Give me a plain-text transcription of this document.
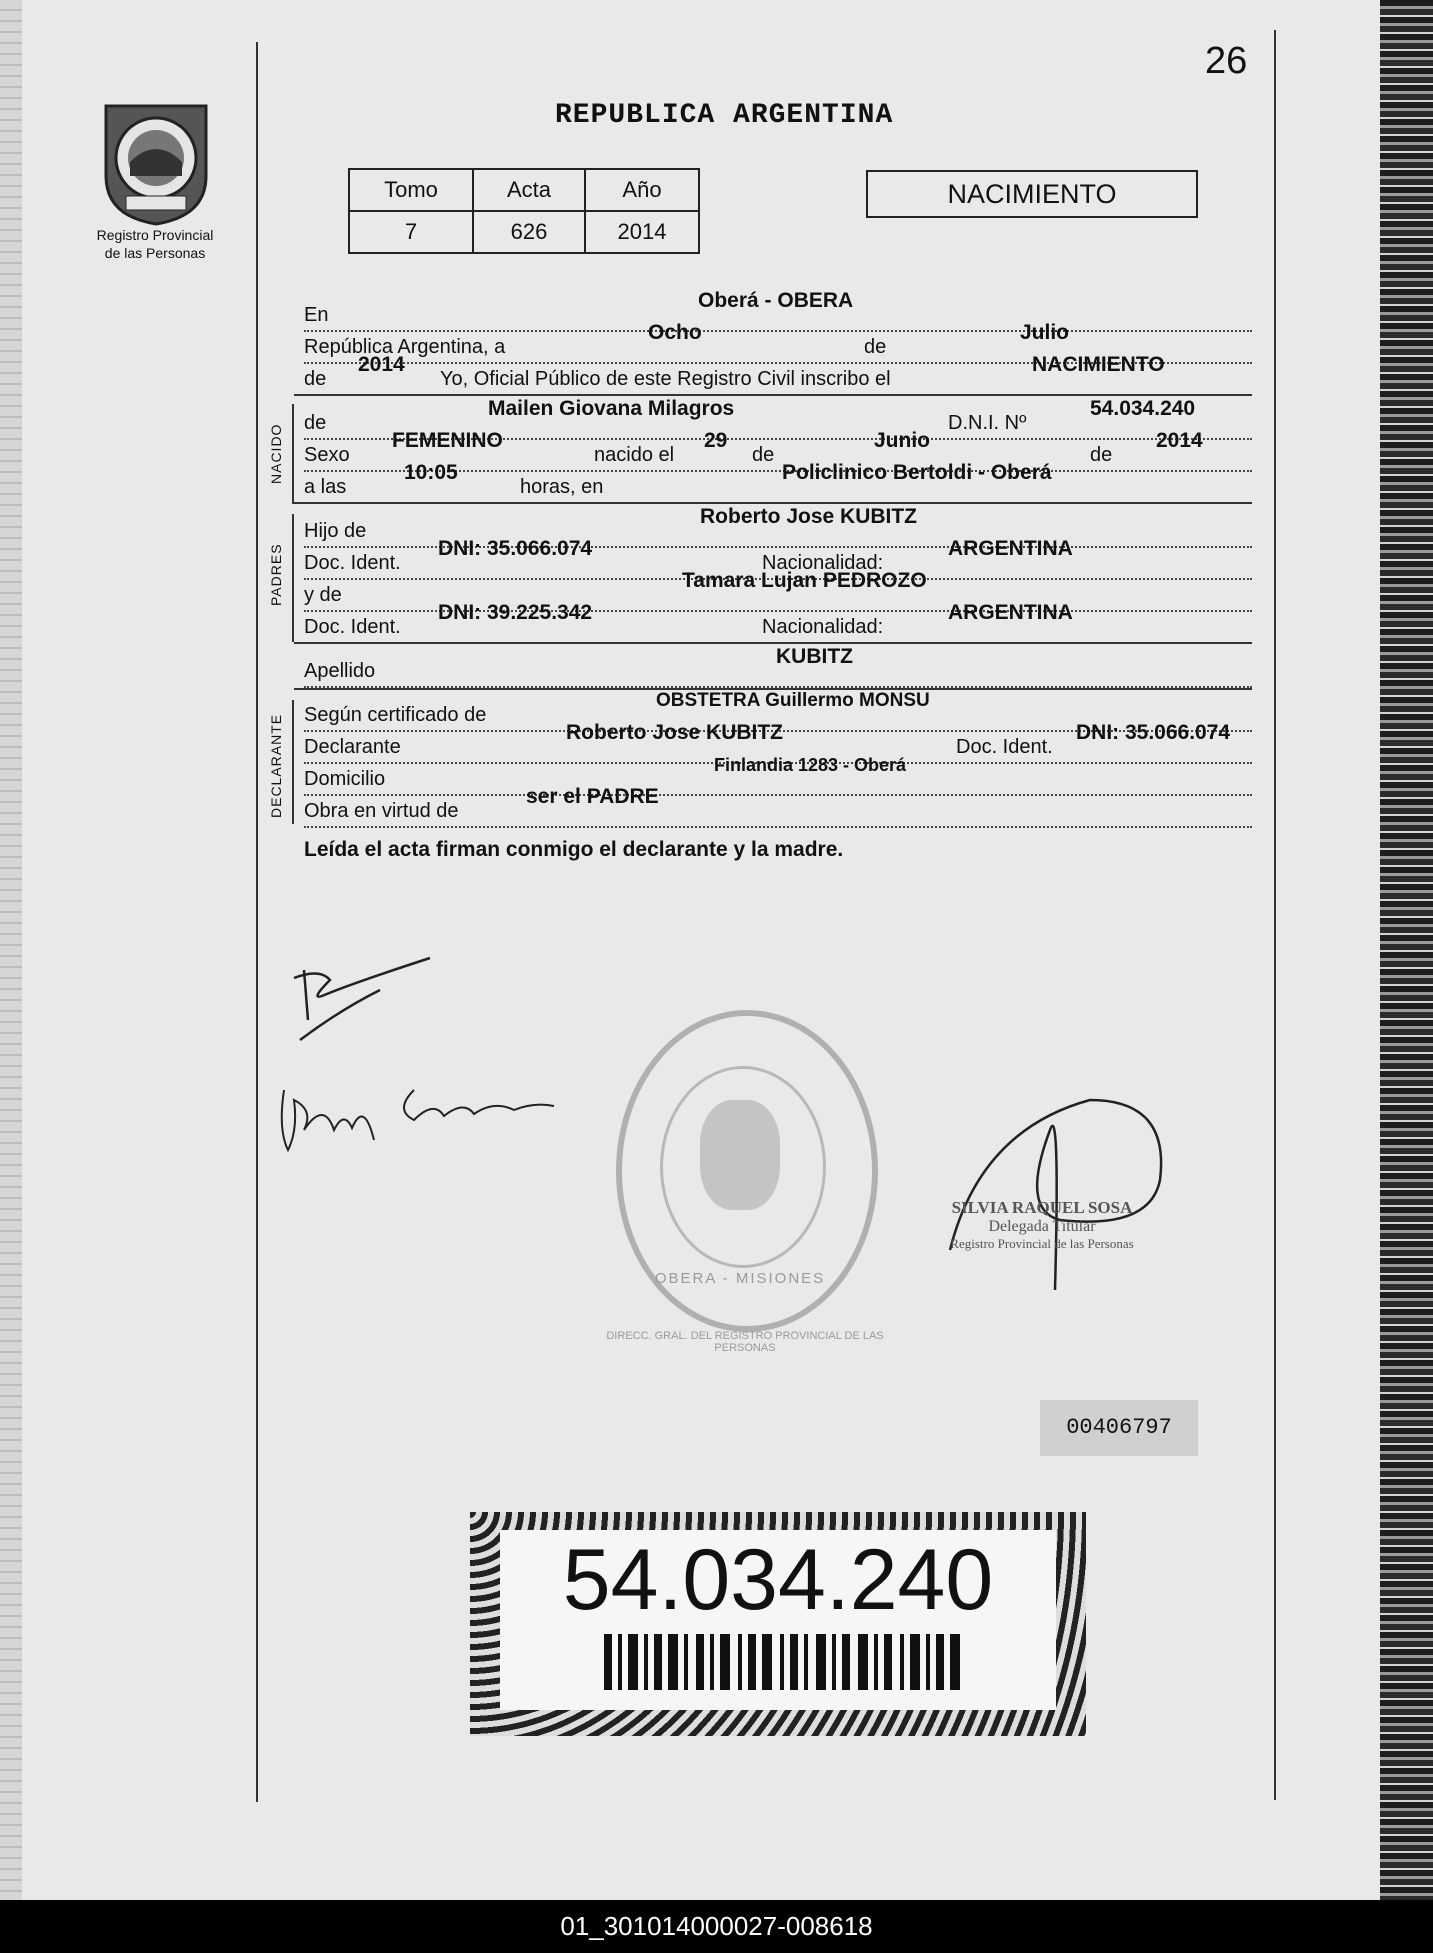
26
Registro Provincial
de las Personas
REPUBLICA ARGENTINA
Tomo	Acta	Año
7	626	2014
NACIMIENTO
En
Oberá - OBERA
República Argentina, a
Ocho
de
Julio
de
2014
Yo, Oficial Público de este Registro Civil inscribo el
NACIMIENTO
NACIDO
de
Mailen Giovana Milagros
D.N.I. Nº
54.034.240
Sexo
FEMENINO
nacido el
29
de
Junio
de
2014
a las
10:05
horas, en
Policlinico Bertoldi - Oberá
PADRES
Hijo de
Roberto Jose KUBITZ
Doc. Ident.
DNI: 35.066.074
Nacionalidad:
ARGENTINA
y de
Tamara Lujan PEDROZO
Doc. Ident.
DNI: 39.225.342
Nacionalidad:
ARGENTINA
Apellido
KUBITZ
DECLARANTE Según certificado de
OBSTETRA Guillermo MONSU
Declarante
Roberto Jose KUBITZ
Doc. Ident.
DNI: 35.066.074
Domicilio
Finlandia 1283 - Oberá
Obra en virtud de
ser el PADRE
Leída el acta firman conmigo el declarante y la madre.
OBERA - MISIONES
DIRECC. GRAL. DEL REGISTRO PROVINCIAL DE LAS PERSONAS
SILVIA RAQUEL SOSA
Delegada Titular
Registro Provincial de las Personas
00406797
54.034.240
01_301014000027-008618
